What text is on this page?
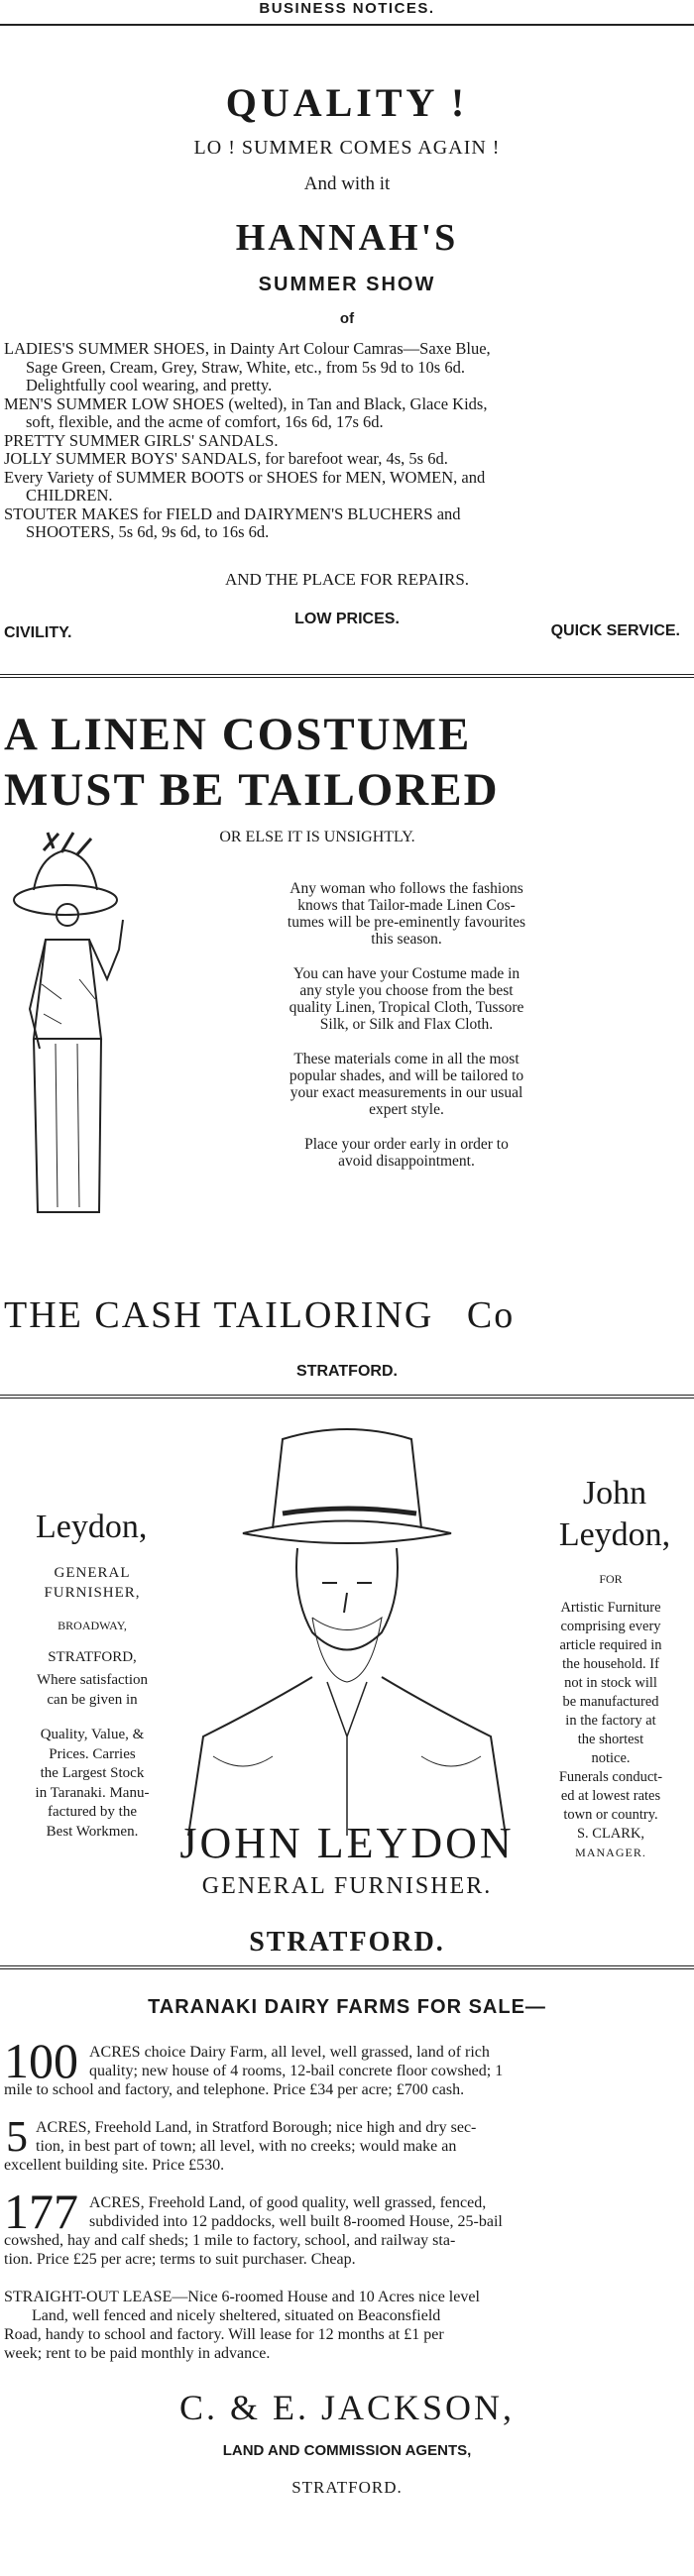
BUSINESS NOTICES.
QUALITY !
LO ! SUMMER COMES AGAIN !
And with it
HANNAH'S
SUMMER SHOW
of
LADIES'S SUMMER SHOES, in Dainty Art Colour Camras—Saxe Blue,
Sage Green, Cream, Grey, Straw, White, etc., from 5s 9d to 10s 6d.
Delightfully cool wearing, and pretty.
MEN'S SUMMER LOW SHOES (welted), in Tan and Black, Glace Kids,
soft, flexible, and the acme of comfort, 16s 6d, 17s 6d.
PRETTY SUMMER GIRLS' SANDALS.
JOLLY SUMMER BOYS' SANDALS, for barefoot wear, 4s, 5s 6d.
Every Variety of SUMMER BOOTS or SHOES for MEN, WOMEN, and
CHILDREN.
STOUTER MAKES for FIELD and DAIRYMEN'S BLUCHERS and
SHOOTERS, 5s 6d, 9s 6d, to 16s 6d.
AND THE PLACE FOR REPAIRS.
LOW PRICES.
CIVILITY.	QUICK SERVICE.
A LINEN COSTUME
MUST BE TAILORED
OR ELSE IT IS UNSIGHTLY.
Any woman who follows the fashions
knows that Tailor-made Linen Cos-
tumes will be pre-eminently favourites
this season.
You can have your Costume made in
any style you choose from the best
quality Linen, Tropical Cloth, Tussore
Silk, or Silk and Flax Cloth.
These materials come in all the most
popular shades, and will be tailored to
your exact measurements in our usual
expert style.
Place your order early in order to
avoid disappointment.
THE CASH TAILORING Co
STRATFORD.
Leydon,
GENERAL
FURNISHER,
BROADWAY,
STRATFORD,
Where satisfaction
can be given in
Quality, Value, &
Prices. Carries
the Largest Stock
in Taranaki. Manu-
factured by the
Best Workmen.
John
Leydon,
FOR
Artistic Furniture
comprising every
article required in
the household. If
not in stock will
be manufactured
in the factory at
the shortest
notice.
Funerals conduct-
ed at lowest rates
town or country.
S. CLARK,
MANAGER.
JOHN LEYDON
GENERAL FURNISHER.
STRATFORD.
TARANAKI DAIRY FARMS FOR SALE—
100 ACRES choice Dairy Farm, all level, well grassed, land of rich
quality; new house of 4 rooms, 12-bail concrete floor cowshed; 1
mile to school and factory, and telephone. Price £34 per acre; £700 cash.
5 ACRES, Freehold Land, in Stratford Borough; nice high and dry sec-
tion, in best part of town; all level, with no creeks; would make an
excellent building site. Price £530.
177 ACRES, Freehold Land, of good quality, well grassed, fenced,
subdivided into 12 paddocks, well built 8-roomed House, 25-bail
cowshed, hay and calf sheds; 1 mile to factory, school, and railway sta-
tion. Price £25 per acre; terms to suit purchaser. Cheap.
STRAIGHT-OUT LEASE—Nice 6-roomed House and 10 Acres nice level
Land, well fenced and nicely sheltered, situated on Beaconsfield
Road, handy to school and factory. Will lease for 12 months at £1 per
week; rent to be paid monthly in advance.
C. & E. JACKSON,
LAND AND COMMISSION AGENTS,
STRATFORD.
